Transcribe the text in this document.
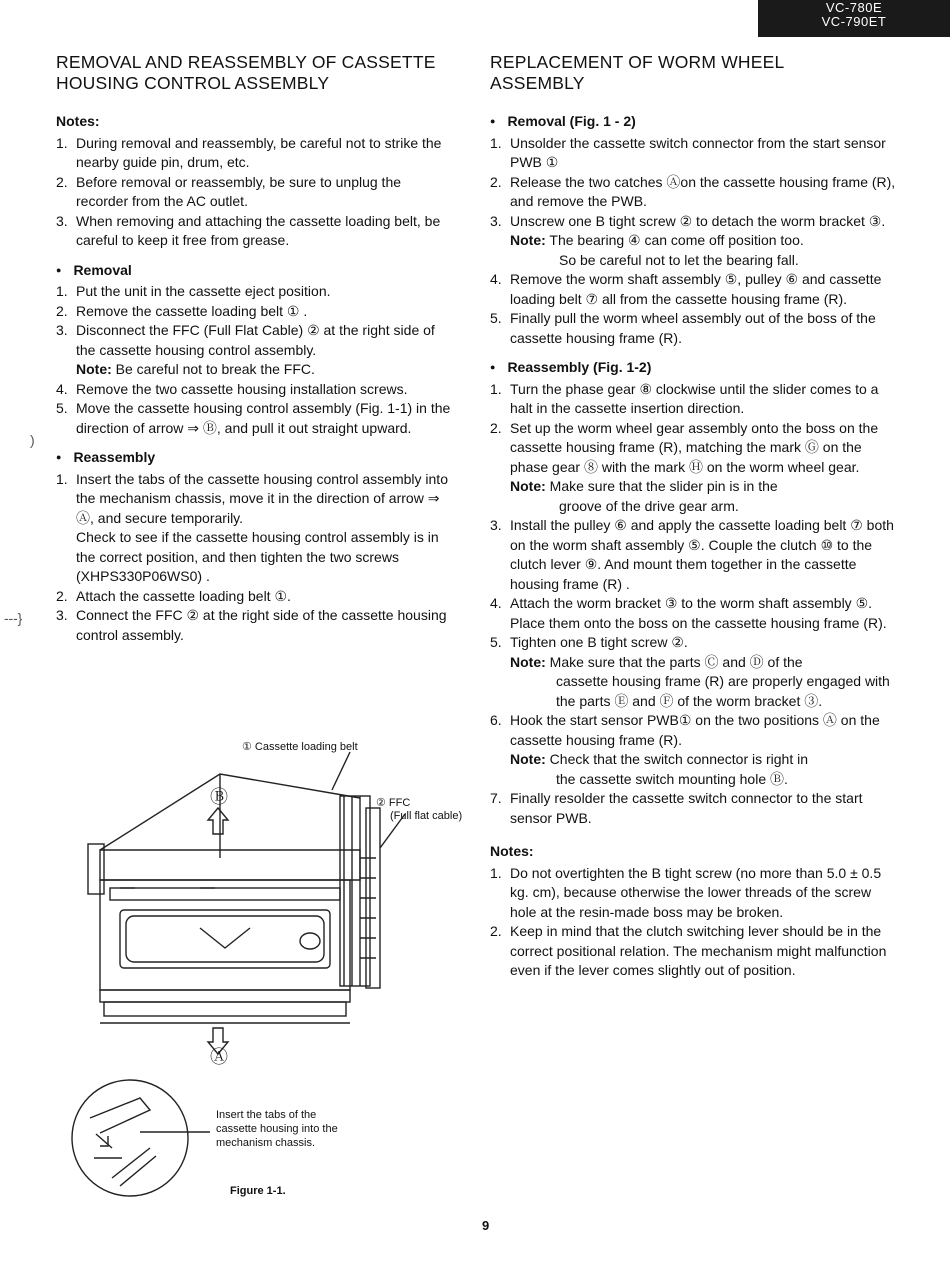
VC-780E
VC-790ET
REMOVAL AND REASSEMBLY OF CASSETTE
HOUSING CONTROL ASSEMBLY
Notes:
1. During removal and reassembly, be careful not to strike the nearby guide pin, drum, etc.
2. Before removal or reassembly, be sure to unplug the recorder from the AC outlet.
3. When removing and attaching the cassette loading belt, be careful to keep it free from grease.
● Removal
1. Put the unit in the cassette eject position.
2. Remove the cassette loading belt ① .
3. Disconnect the FFC (Full Flat Cable) ② at the right side of the cassette housing control assembly.
Note: Be careful not to break the FFC.
4. Remove the two cassette housing installation screws.
5. Move the cassette housing control assembly (Fig. 1-1) in the direction of arrow ⇒ Ⓑ, and pull it out straight upward.
● Reassembly
1. Insert the tabs of the cassette housing control assembly into the mechanism chassis, move it in the direction of arrow ⇒ Ⓐ, and secure temporarily.
Check to see if the cassette housing control assembly is in the correct position, and then tighten the two screws (XHPS330P06WS0) .
2. Attach the cassette loading belt ①.
3. Connect the FFC ② at the right side of the cassette housing control assembly.
① Cassette loading belt
② FFC
(Full flat cable)
Ⓑ
Ⓐ
Insert the tabs of the
cassette housing into the
mechanism chassis.
Figure 1-1.
REPLACEMENT OF WORM WHEEL
ASSEMBLY
● Removal (Fig. 1 - 2)
1. Unsolder the cassette switch connector from the start sensor PWB ①
2. Release the two catches Ⓐon the cassette housing frame (R), and remove the PWB.
3. Unscrew one B tight screw ② to detach the worm bracket ③.
Note: The bearing ④ can come off position too.
So be careful not to let the bearing fall.
4. Remove the worm shaft assembly ⑤, pulley ⑥ and cassette loading belt ⑦ all from the cassette housing frame (R).
5. Finally pull the worm wheel assembly out of the boss of the cassette housing frame (R).
● Reassembly (Fig. 1-2)
1. Turn the phase gear ⑧ clockwise until the slider comes to a halt in the cassette insertion direction.
2. Set up the worm wheel gear assembly onto the boss on the cassette housing frame (R), matching the mark Ⓖ on the phase gear ⑧ with the mark Ⓗ on the worm wheel gear.
Note: Make sure that the slider pin is in the
groove of the drive gear arm.
3. Install the pulley ⑥ and apply the cassette loading belt ⑦ both on the worm shaft assembly ⑤. Couple the clutch ⑩ to the clutch lever ⑨. And mount them together in the cassette housing frame (R) .
4. Attach the worm bracket ③ to the worm shaft assembly ⑤. Place them onto the boss on the cassette housing frame (R).
5. Tighten one B tight screw ②.
Note: Make sure that the parts Ⓒ and Ⓓ of the
cassette housing frame (R) are properly engaged with the parts Ⓔ and Ⓕ of the worm bracket ③.
6. Hook the start sensor PWB① on the two positions Ⓐ on the cassette housing frame (R).
Note: Check that the switch connector is right in
the cassette switch mounting hole Ⓑ.
7. Finally resolder the cassette switch connector to the start sensor PWB.
Notes:
1. Do not overtighten the B tight screw (no more than 5.0 ± 0.5 kg. cm), because otherwise the lower threads of the screw hole at the resin-made boss may be broken.
2. Keep in mind that the clutch switching lever should be in the correct positional relation. The mechanism might malfunction even if the lever comes slightly out of position.
)
- - - }
9
